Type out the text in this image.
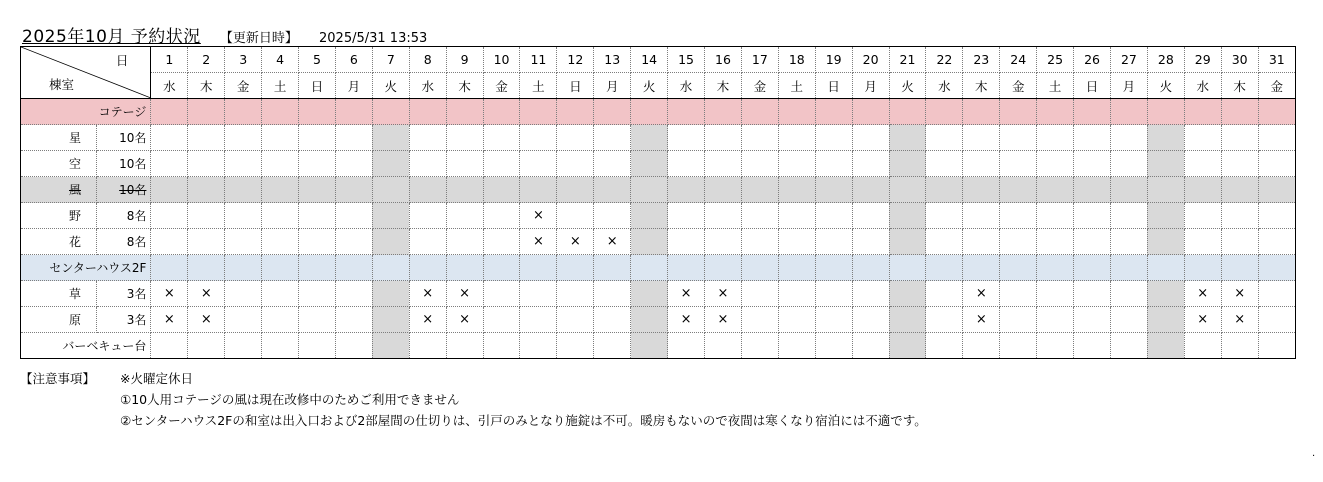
2025年10月 予約状況 【更新日時】 2025/5/31 13:53
日
棟室		1	2	3	4	5	6	7	8	9	10	11	12	13	14	15	16	17	18	19	20	21	22	23	24	25	26	27	28	29	30	31
		水	木	金	土	日	月	火	水	木	金	土	日	月	火	水	木	金	土	日	月	火	水	木	金	土	日	月	火	水	木	金
コテージ																																
星	10名																															
空	10名																															
風	10名																															
野	8名											×																				
花	8名											×	×	×																		
センターハウス2F																																
草	3名	×	×						×	×						×	×							×						×	×	
原	3名	×	×						×	×						×	×							×						×	×	
バーベキュー台																																
【注意事項】 ※火曜定休日
①10人用コテージの風は現在改修中のためご利用できません
②センターハウス2Fの和室は出入口および2部屋間の仕切りは、引戸のみとなり施錠は不可。暖房もないので夜間は寒くなり宿泊には不適です。
.
